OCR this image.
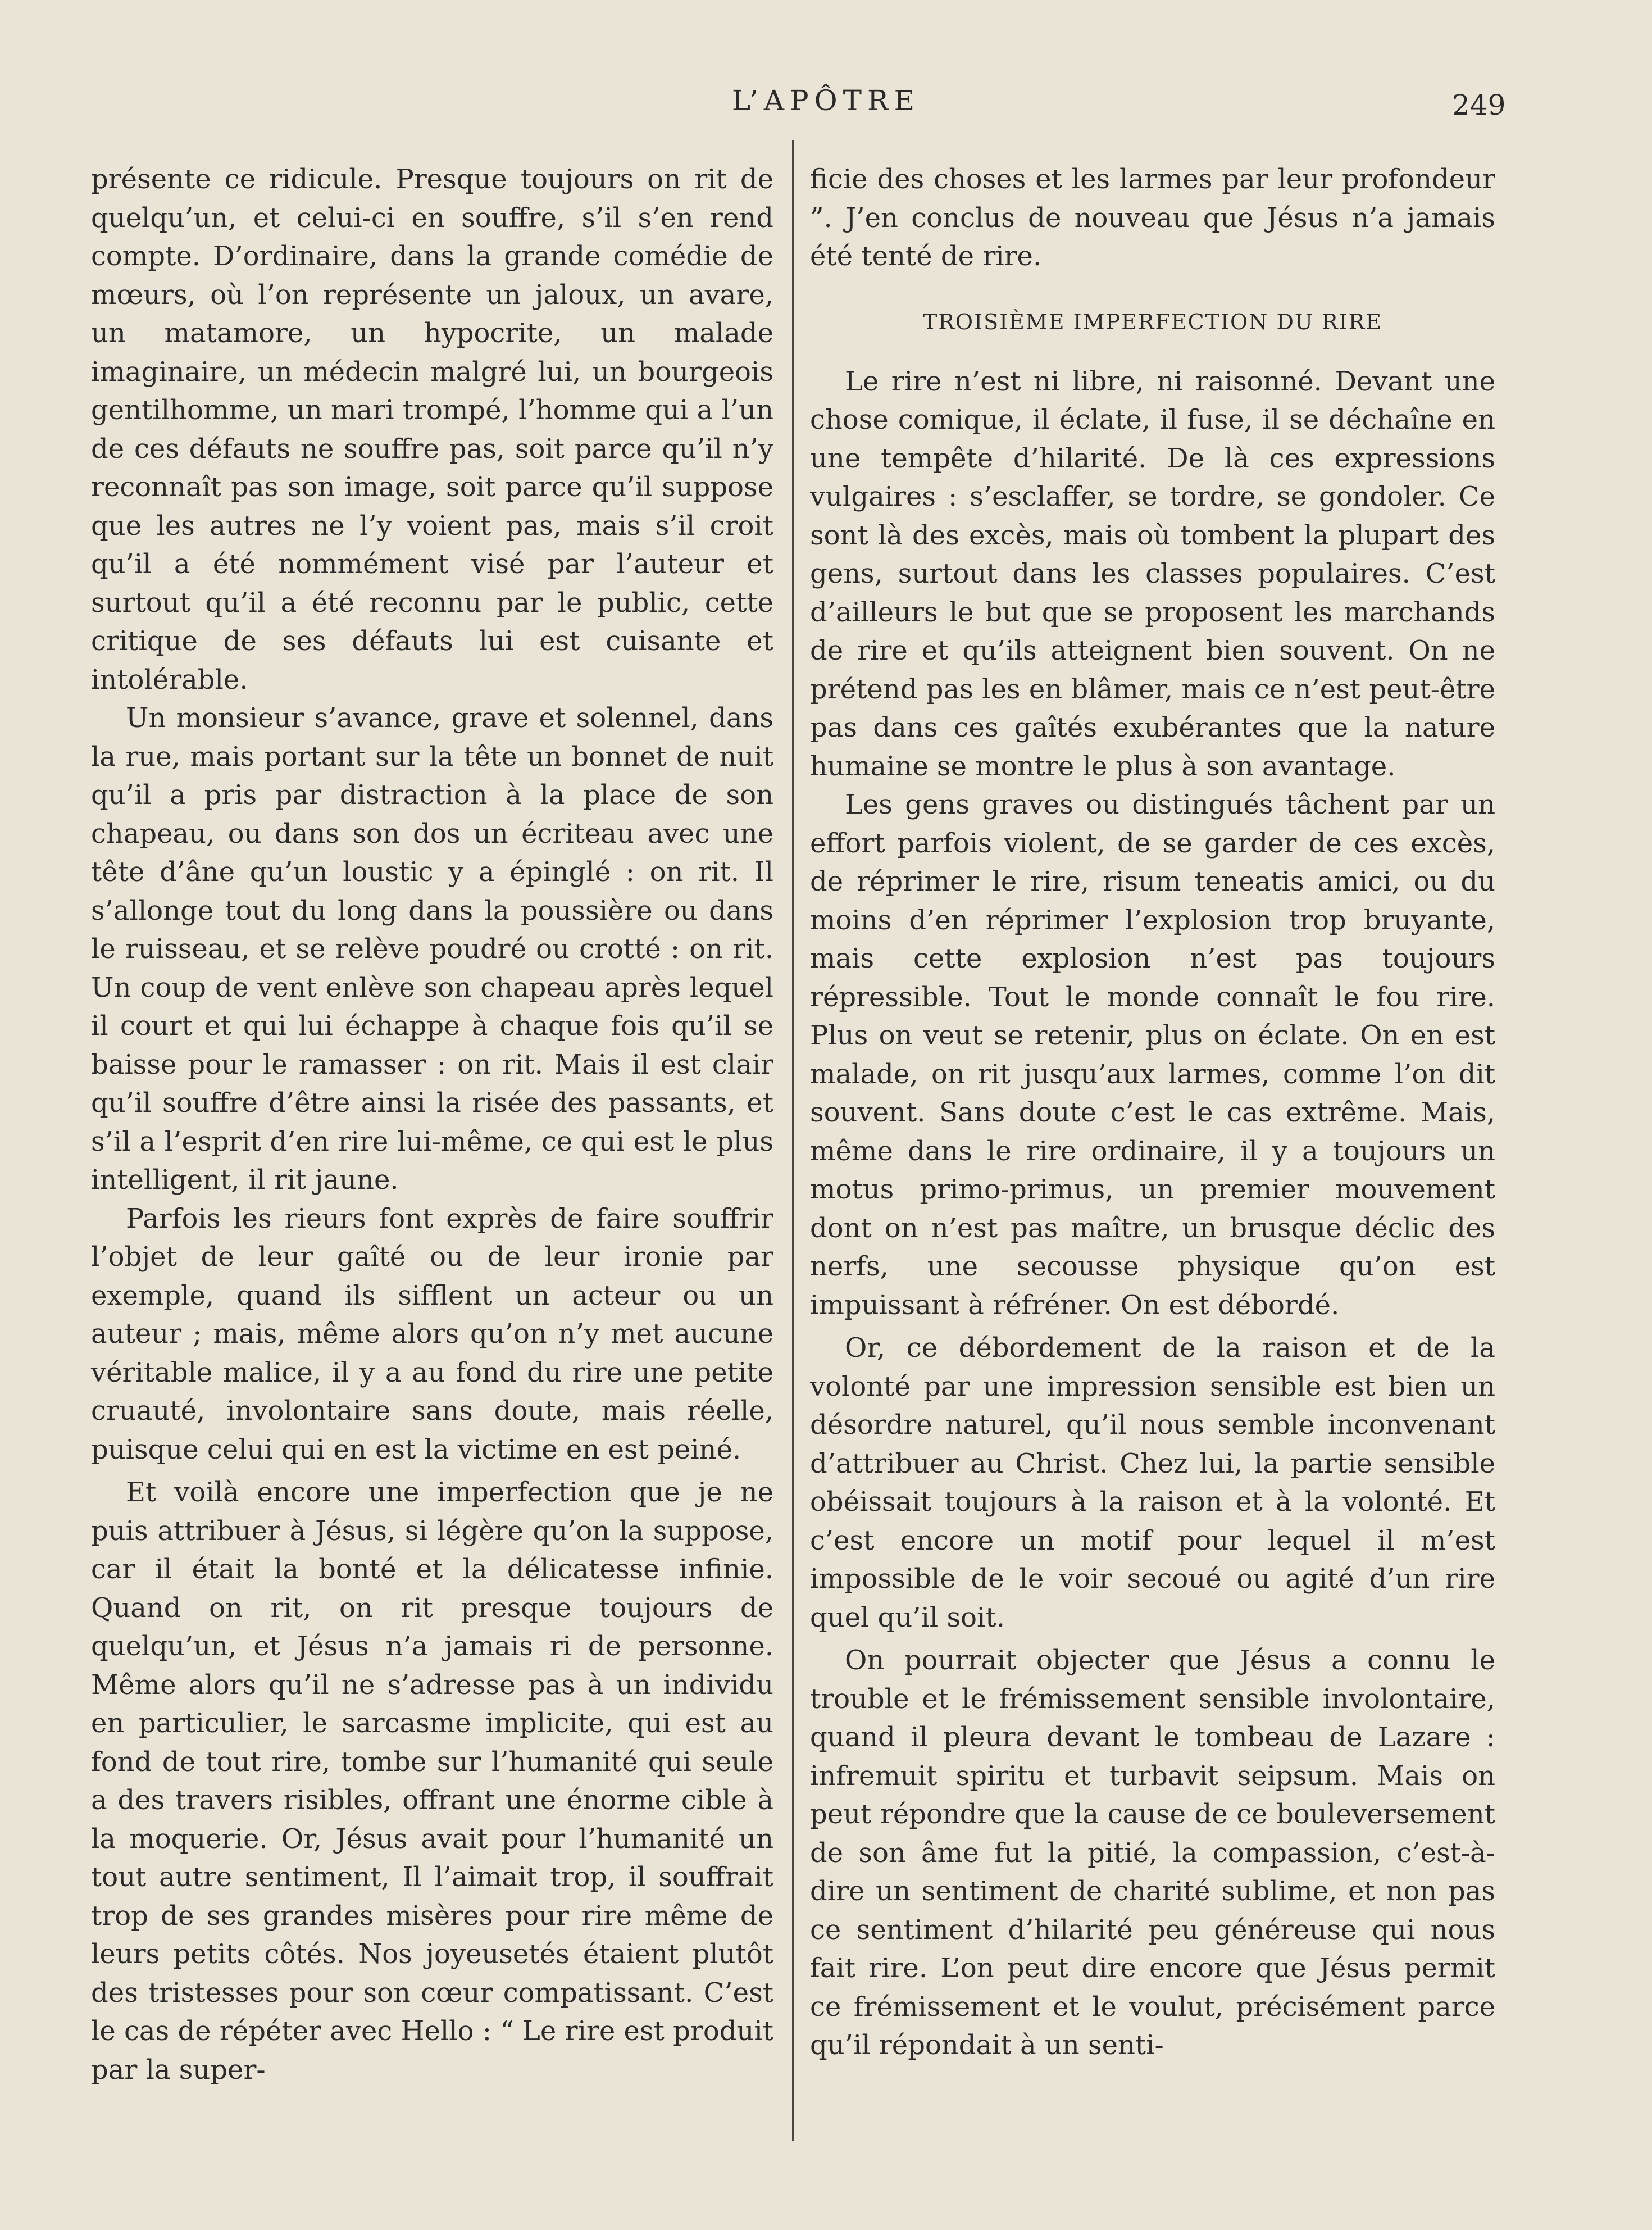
L’APÔTRE	249

présente ce ridicule. Presque toujours on rit de quelqu’un, et celui-ci en souffre, s’il s’en rend compte. D’ordinaire, dans la grande comédie de mœurs, où l’on représente un jaloux, un avare, un matamore, un hypocrite, un malade imaginaire, un médecin malgré lui, un bourgeois gentilhomme, un mari trompé, l’homme qui a l’un de ces défauts ne souffre pas, soit parce qu’il n’y reconnaît pas son image, soit parce qu’il suppose que les autres ne l’y voient pas, mais s’il croit qu’il a été nommément visé par l’auteur et surtout qu’il a été reconnu par le public, cette critique de ses défauts lui est cuisante et intolérable.

Un monsieur s’avance, grave et solennel, dans la rue, mais portant sur la tête un bonnet de nuit qu’il a pris par distraction à la place de son chapeau, ou dans son dos un écriteau avec une tête d’âne qu’un loustic y a épinglé : on rit. Il s’allonge tout du long dans la poussière ou dans le ruisseau, et se relève poudré ou crotté : on rit. Un coup de vent enlève son chapeau après lequel il court et qui lui échappe à chaque fois qu’il se baisse pour le ramasser : on rit. Mais il est clair qu’il souffre d’être ainsi la risée des passants, et s’il a l’esprit d’en rire lui-même, ce qui est le plus intelligent, il rit jaune.

Parfois les rieurs font exprès de faire souffrir l’objet de leur gaîté ou de leur ironie par exemple, quand ils sifflent un acteur ou un auteur ; mais, même alors qu’on n’y met aucune véritable malice, il y a au fond du rire une petite cruauté, involontaire sans doute, mais réelle, puisque celui qui en est la victime en est peiné.

Et voilà encore une imperfection que je ne puis attribuer à Jésus, si légère qu’on la suppose, car il était la bonté et la délicatesse infinie. Quand on rit, on rit presque toujours de quelqu’un, et Jésus n’a jamais ri de personne. Même alors qu’il ne s’adresse pas à un individu en particulier, le sarcasme implicite, qui est au fond de tout rire, tombe sur l’humanité qui seule a des travers risibles, offrant une énorme cible à la moquerie. Or, Jésus avait pour l’humanité un tout autre sentiment, Il l’aimait trop, il souffrait trop de ses grandes misères pour rire même de leurs petits côtés. Nos joyeusetés étaient plutôt des tristesses pour son cœur compatissant. C’est le cas de répéter avec Hello : “ Le rire est produit par la super-

ficie des choses et les larmes par leur profondeur ”. J’en conclus de nouveau que Jésus n’a jamais été tenté de rire.

TROISIÈME IMPERFECTION DU RIRE

Le rire n’est ni libre, ni raisonné. Devant une chose comique, il éclate, il fuse, il se déchaîne en une tempête d’hilarité. De là ces expressions vulgaires : s’esclaffer, se tordre, se gondoler. Ce sont là des excès, mais où tombent la plupart des gens, surtout dans les classes populaires. C’est d’ailleurs le but que se proposent les marchands de rire et qu’ils atteignent bien souvent. On ne prétend pas les en blâmer, mais ce n’est peut-être pas dans ces gaîtés exubérantes que la nature humaine se montre le plus à son avantage.

Les gens graves ou distingués tâchent par un effort parfois violent, de se garder de ces excès, de réprimer le rire, risum teneatis amici, ou du moins d’en réprimer l’explosion trop bruyante, mais cette explosion n’est pas toujours répressible. Tout le monde connaît le fou rire. Plus on veut se retenir, plus on éclate. On en est malade, on rit jusqu’aux larmes, comme l’on dit souvent. Sans doute c’est le cas extrême. Mais, même dans le rire ordinaire, il y a toujours un motus primo-primus, un premier mouvement dont on n’est pas maître, un brusque déclic des nerfs, une secousse physique qu’on est impuissant à réfréner. On est débordé.

Or, ce débordement de la raison et de la volonté par une impression sensible est bien un désordre naturel, qu’il nous semble inconvenant d’attribuer au Christ. Chez lui, la partie sensible obéissait toujours à la raison et à la volonté. Et c’est encore un motif pour lequel il m’est impossible de le voir secoué ou agité d’un rire quel qu’il soit.

On pourrait objecter que Jésus a connu le trouble et le frémissement sensible involontaire, quand il pleura devant le tombeau de Lazare : infremuit spiritu et turbavit seipsum. Mais on peut répondre que la cause de ce bouleversement de son âme fut la pitié, la compassion, c’est-à-dire un sentiment de charité sublime, et non pas ce sentiment d’hilarité peu généreuse qui nous fait rire. L’on peut dire encore que Jésus permit ce frémissement et le voulut, précisément parce qu’il répondait à un senti-
